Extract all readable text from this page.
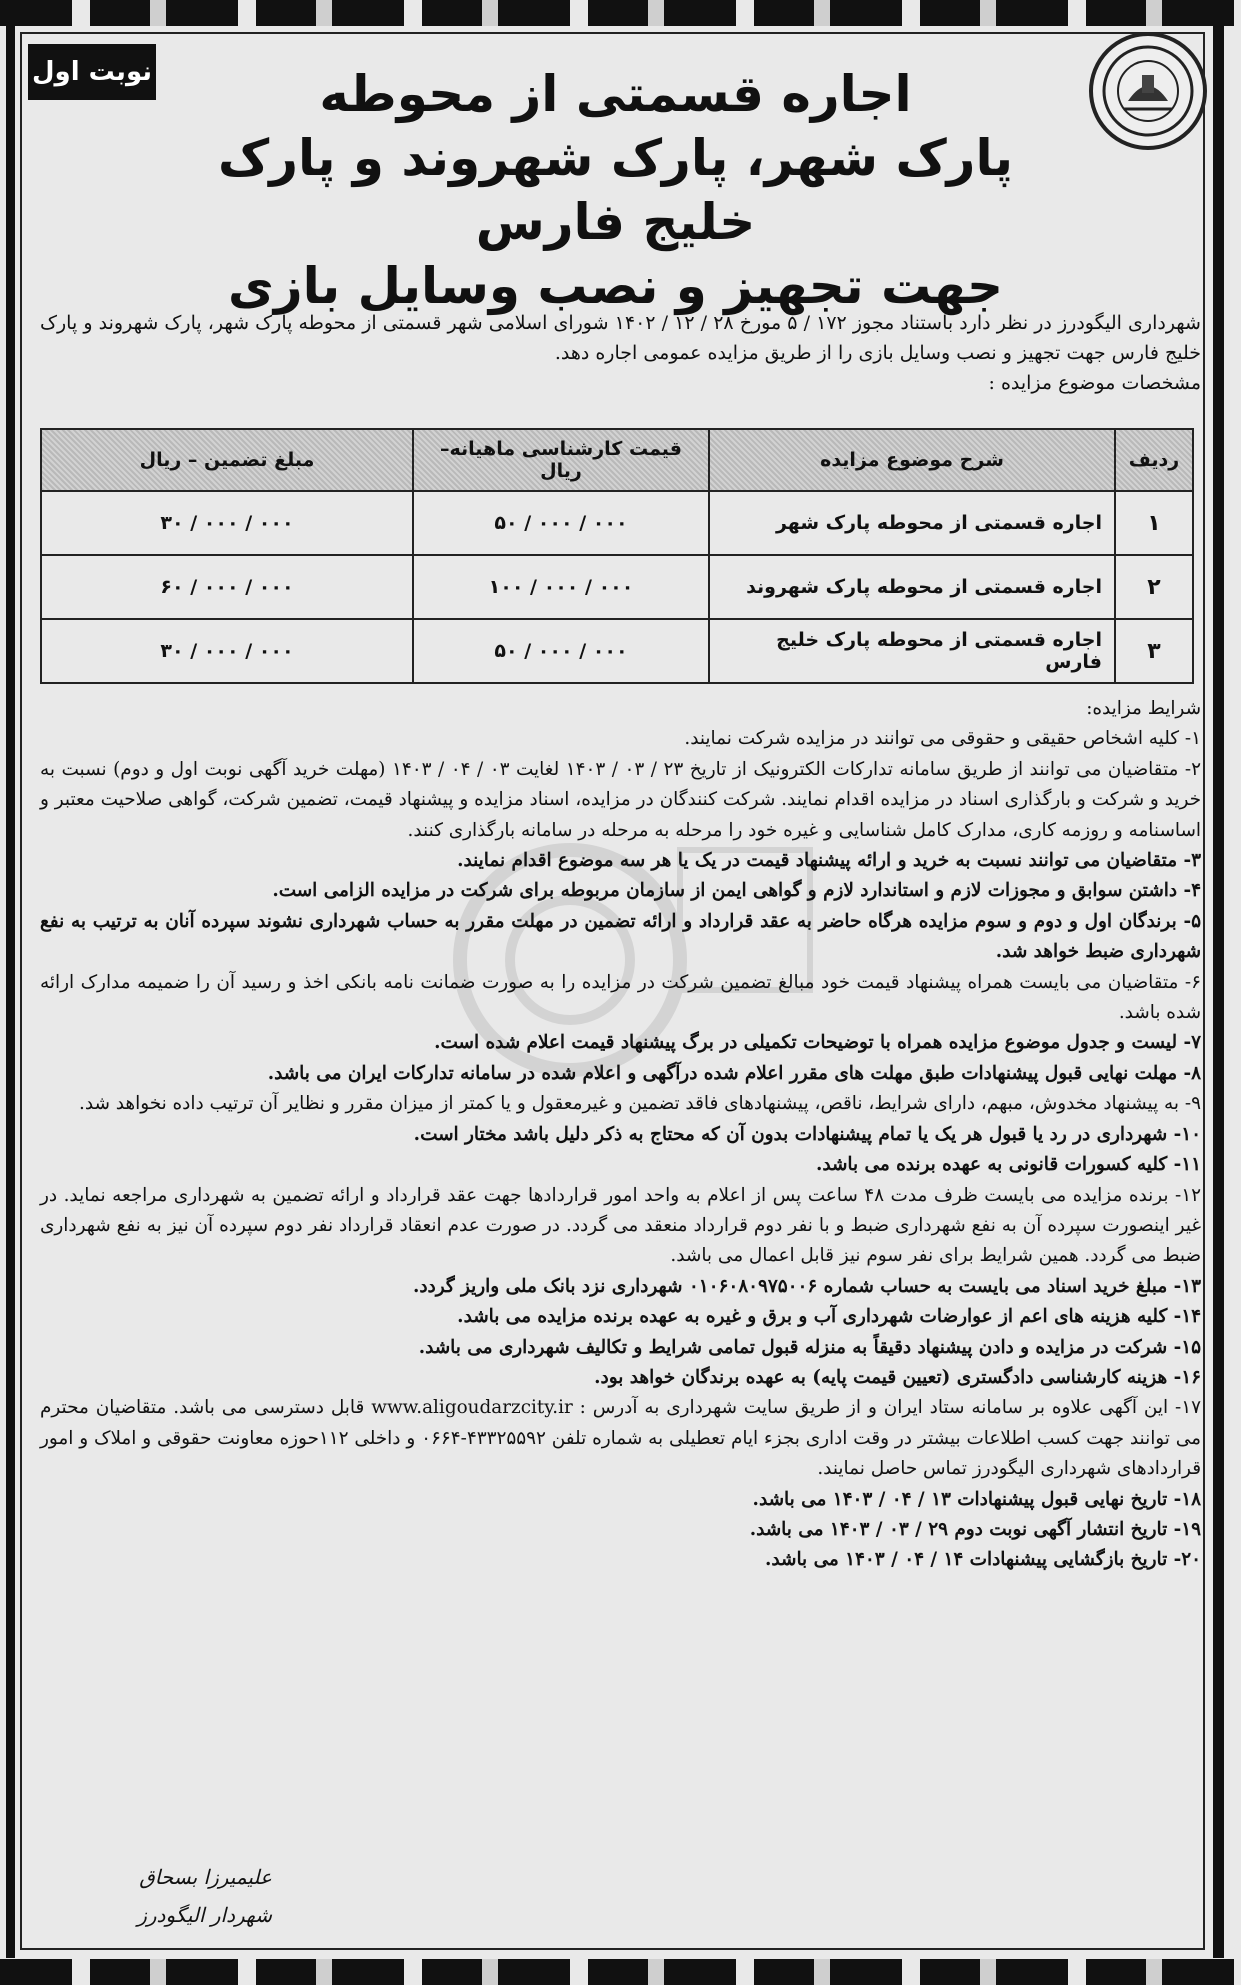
نوبت اول	اجاره قسمتی از محوطه
پارک شهر، پارک شهروند و پارک خلیج فارس
جهت تجهیز و نصب وسایل بازی
شهرداری الیگودرز در نظر دارد باستناد مجوز ۱۷۲ / ۵ مورخ ۲۸ / ۱۲ / ۱۴۰۲ شورای اسلامی شهر قسمتی از محوطه پارک شهر، پارک شهروند و پارک خلیج فارس جهت تجهیز و نصب وسایل بازی را از طریق مزایده عمومی اجاره دهد.
مشخصات موضوع مزایده :
ردیف	شرح موضوع مزایده	قیمت کارشناسی ماهیانه– ریال	مبلغ تضمین – ریال
۱	اجاره قسمتی از محوطه پارک شهر	۰۰۰ / ۰۰۰ / ۵۰	۰۰۰ / ۰۰۰ / ۳۰
۲	اجاره قسمتی از محوطه پارک شهروند	۰۰۰ / ۰۰۰ / ۱۰۰	۰۰۰ / ۰۰۰ / ۶۰
۳	اجاره قسمتی از محوطه پارک خلیج فارس	۰۰۰ / ۰۰۰ / ۵۰	۰۰۰ / ۰۰۰ / ۳۰

شرایط مزایده:

۱- کلیه اشخاص حقیقی و حقوقی می توانند در مزایده شرکت نمایند.

۲- متقاضیان می توانند از طریق سامانه تدارکات الکترونیک از تاریخ ۲۳ / ۰۳ / ۱۴۰۳ لغایت ۰۳ / ۰۴ / ۱۴۰۳ (مهلت خرید آگهی نوبت اول و دوم) نسبت به خرید و شرکت و بارگذاری اسناد در مزایده اقدام نمایند. شرکت کنندگان در مزایده، اسناد مزایده و پیشنهاد قیمت، تضمین شرکت، گواهی صلاحیت معتبر و اساسنامه و روزمه کاری، مدارک کامل شناسایی و غیره خود را مرحله به مرحله در سامانه بارگذاری کنند.

۳- متقاضیان می توانند نسبت به خرید و ارائه پیشنهاد قیمت در یک یا هر سه موضوع اقدام نمایند.

۴- داشتن سوابق و مجوزات لازم و استاندارد لازم و گواهی ایمن از سازمان مربوطه برای شرکت در مزایده الزامی است.

۵- برندگان اول و دوم و سوم مزایده هرگاه حاضر به عقد قرارداد و ارائه تضمین در مهلت مقرر به حساب شهرداری نشوند سپرده آنان به ترتیب به نفع شهرداری ضبط خواهد شد.

۶- متقاضیان می بایست همراه پیشنهاد قیمت خود مبالغ تضمین شرکت در مزایده را به صورت ضمانت نامه بانکی اخذ و رسید آن را ضمیمه مدارک ارائه شده باشد.

۷- لیست و جدول موضوع مزایده همراه با توضیحات تکمیلی در برگ پیشنهاد قیمت اعلام شده است.

۸- مهلت نهایی قبول پیشنهادات طبق مهلت های مقرر اعلام شده درآگهی و اعلام شده در سامانه تدارکات ایران می باشد.

۹- به پیشنهاد مخدوش، مبهم، دارای شرایط، ناقص، پیشنهادهای فاقد تضمین و غیرمعقول و یا کمتر از میزان مقرر و نظایر آن ترتیب داده نخواهد شد.

۱۰- شهرداری در رد یا قبول هر یک یا تمام پیشنهادات بدون آن که محتاج به ذکر دلیل باشد مختار است.

۱۱- کلیه کسورات قانونی به عهده برنده می باشد.

۱۲- برنده مزایده می بایست ظرف مدت ۴۸ ساعت پس از اعلام به واحد امور قراردادها جهت عقد قرارداد و ارائه تضمین به شهرداری مراجعه نماید. در غیر اینصورت سپرده آن به نفع شهرداری ضبط و با نفر دوم قرارداد منعقد می گردد. در صورت عدم انعقاد قرارداد نفر دوم سپرده آن نیز به نفع شهرداری ضبط می گردد. همین شرایط برای نفر سوم نیز قابل اعمال می باشد.

۱۳- مبلغ خرید اسناد می بایست به حساب شماره ۰۱۰۶۰۸۰۹۷۵۰۰۶ شهرداری نزد بانک ملی واریز گردد.

۱۴- کلیه هزینه های اعم از عوارضات شهرداری آب و برق و غیره به عهده برنده مزایده می باشد.

۱۵- شرکت در مزایده و دادن پیشنهاد دقیقاً به منزله قبول تمامی شرایط و تکالیف شهرداری می باشد.

۱۶- هزینه کارشناسی دادگستری (تعیین قیمت پایه) به عهده برندگان خواهد بود.

۱۷- این آگهی علاوه بر سامانه ستاد ایران و از طریق سایت شهرداری به آدرس : www.aligoudarzcity.ir قابل دسترسی می باشد. متقاضیان محترم می توانند جهت کسب اطلاعات بیشتر در وقت اداری بجزء ایام تعطیلی به شماره تلفن ۴۳۳۲۵۵۹۲-۰۶۶۴ و داخلی ۱۱۲حوزه معاونت حقوقی و املاک و امور قراردادهای شهرداری الیگودرز تماس حاصل نمایند.

۱۸- تاریخ نهایی قبول پیشنهادات ۱۳ / ۰۴ / ۱۴۰۳ می باشد.

۱۹- تاریخ انتشار آگهی نوبت دوم ۲۹ / ۰۳ / ۱۴۰۳ می باشد.

۲۰- تاریخ بازگشایی پیشنهادات ۱۴ / ۰۴ / ۱۴۰۳ می باشد.

علیمیرزا بسحاق
شهردار الیگودرز
